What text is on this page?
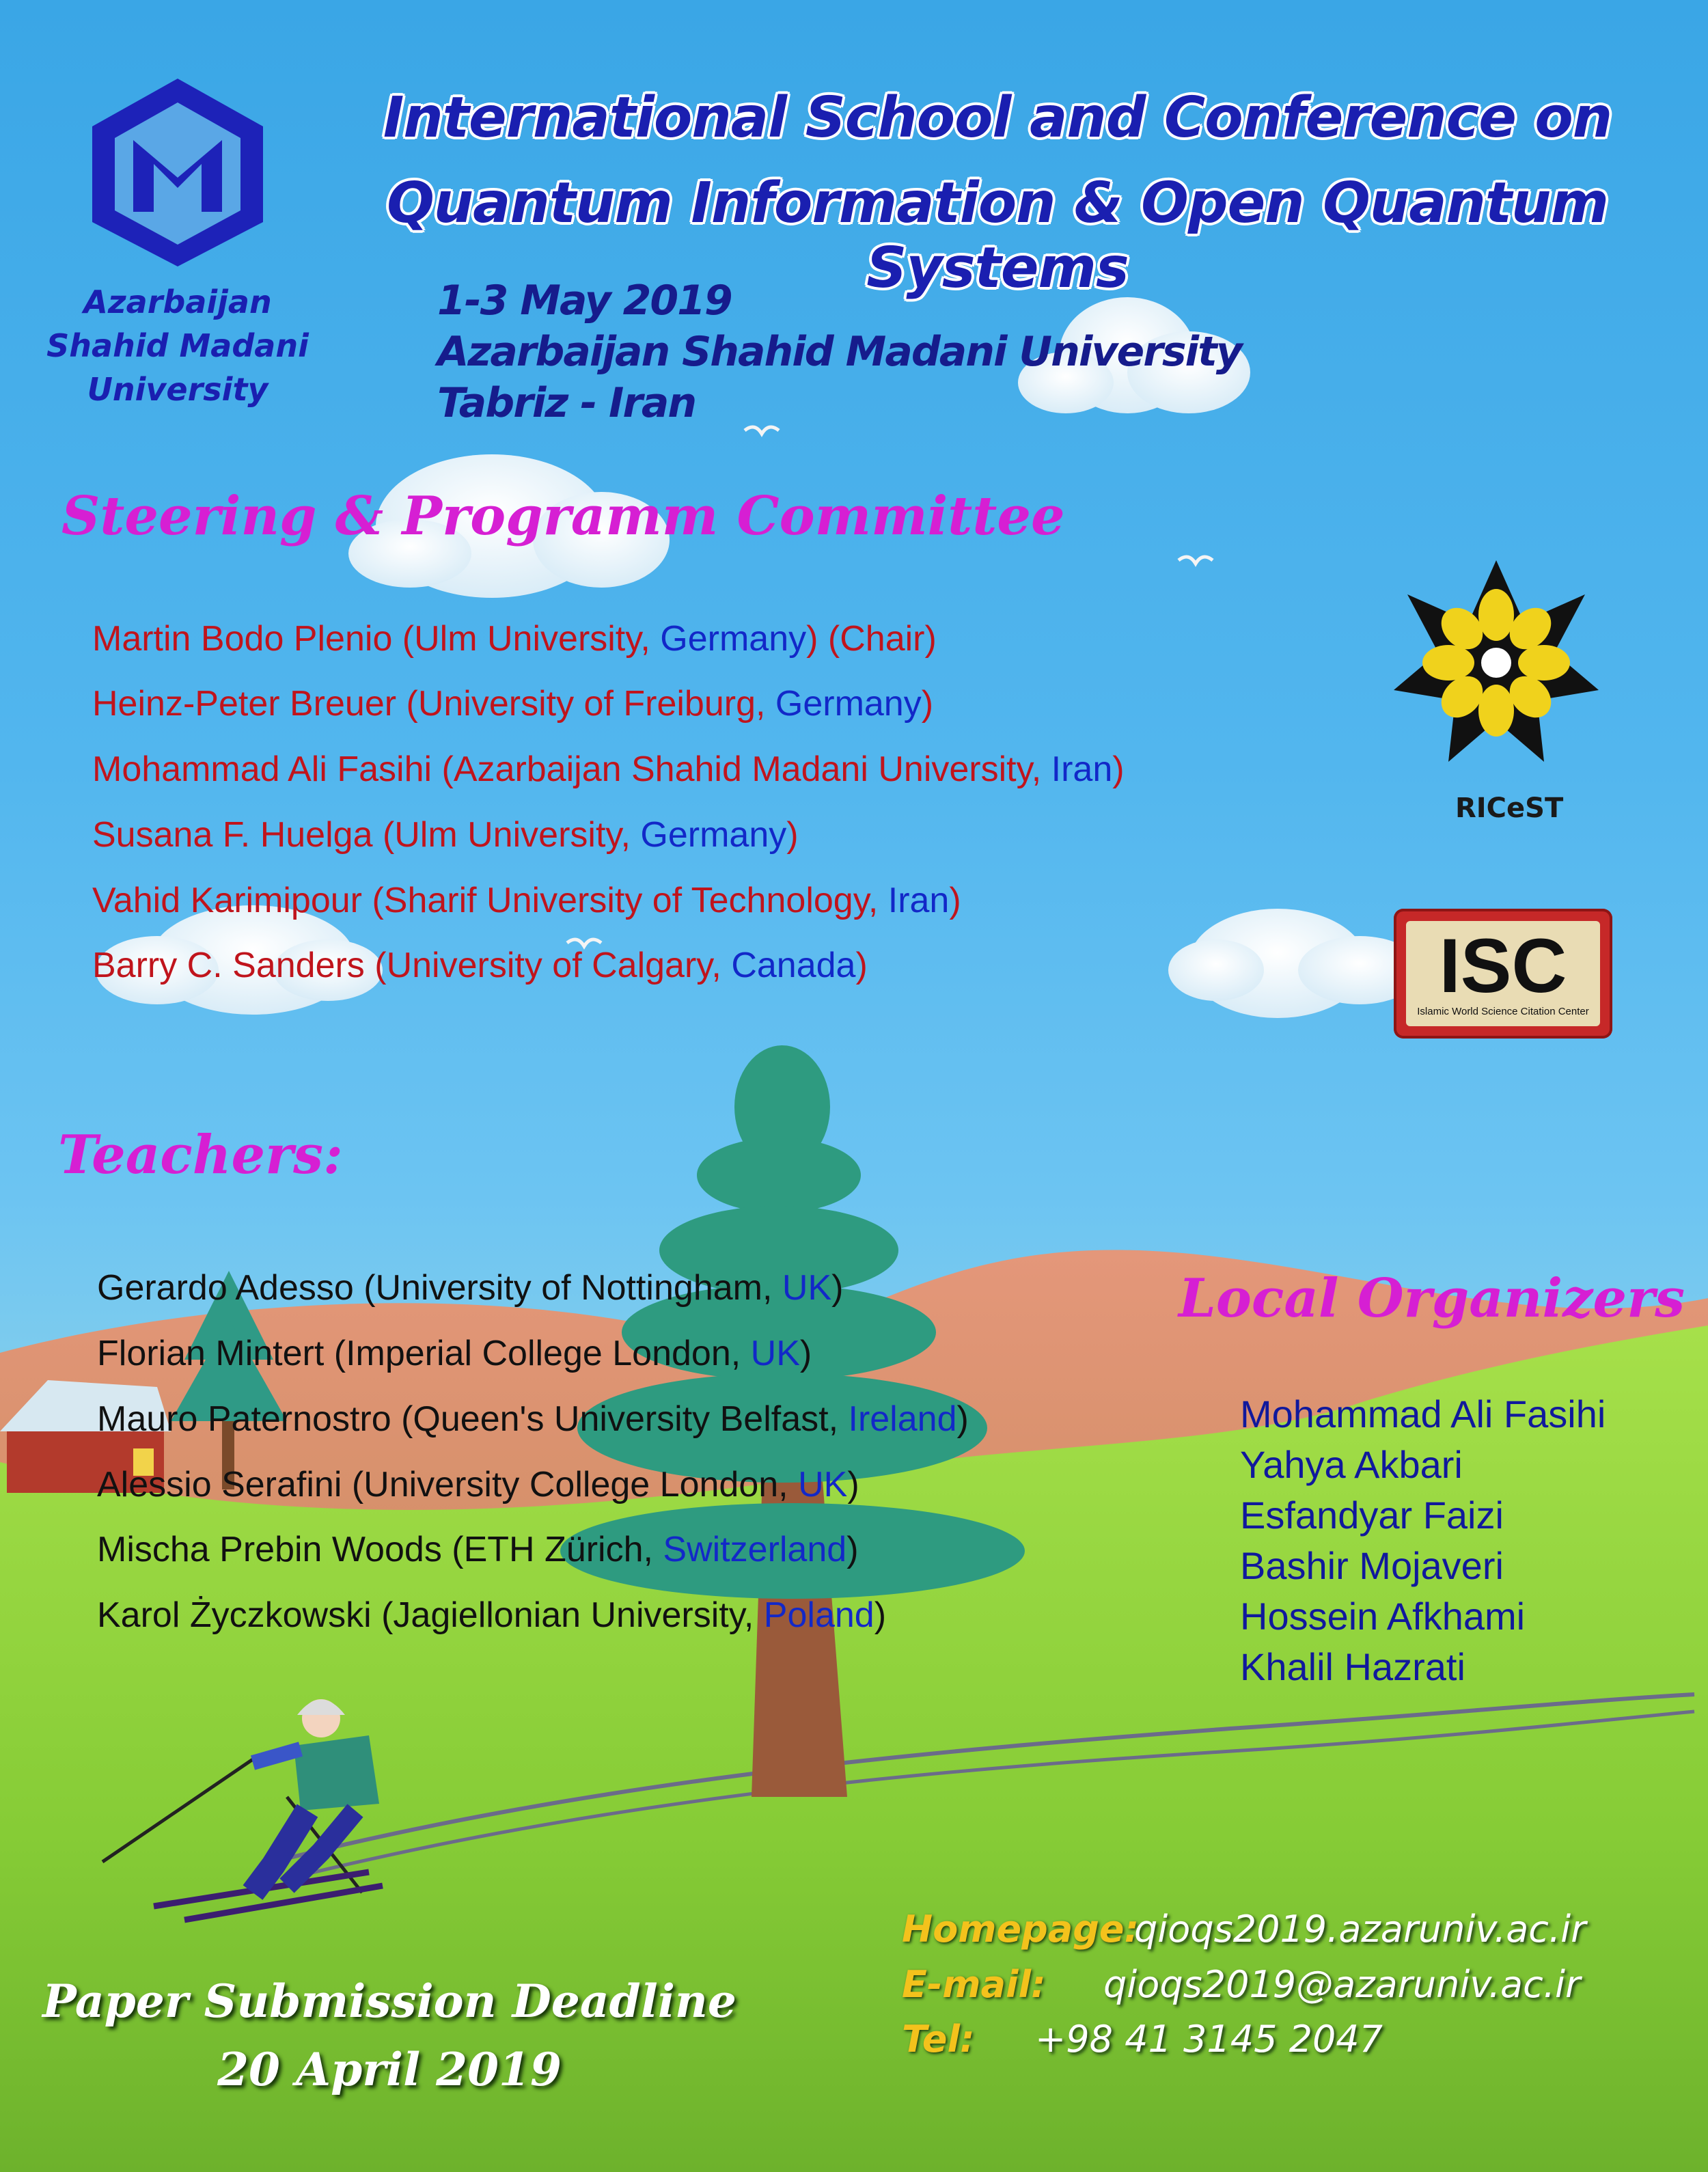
Azarbaijan
Shahid Madani
University
International School and Conference on
Quantum Information & Open Quantum Systems
1-3 May 2019
Azarbaijan Shahid Madani University
Tabriz - Iran
Steering & Programm Committee
Martin Bodo Plenio (Ulm University, Germany) (Chair)
Heinz-Peter Breuer (University of Freiburg, Germany)
Mohammad Ali Fasihi (Azarbaijan Shahid Madani University, Iran)
Susana F. Huelga (Ulm University, Germany)
Vahid Karimipour (Sharif University of Technology, Iran)
Barry C. Sanders (University of Calgary, Canada)
RICeST
ISC
Islamic World Science Citation Center
Teachers:
Gerardo Adesso (University of Nottingham, UK)
Florian Mintert (Imperial College London, UK)
Mauro Paternostro (Queen's University Belfast, Ireland)
Alessio Serafini (University College London, UK)
Mischa Prebin Woods (ETH Zürich, Switzerland)
Karol Życzkowski (Jagiellonian University, Poland)
Local Organizers
Mohammad Ali Fasihi
Yahya Akbari
Esfandyar Faizi
Bashir Mojaveri
Hossein Afkhami
Khalil Hazrati
Homepage:
qioqs2019.azaruniv.ac.ir
E-mail: qioqs2019@azaruniv.ac.ir
Tel: +98 41 3145 2047
Paper Submission Deadline
20 April 2019
